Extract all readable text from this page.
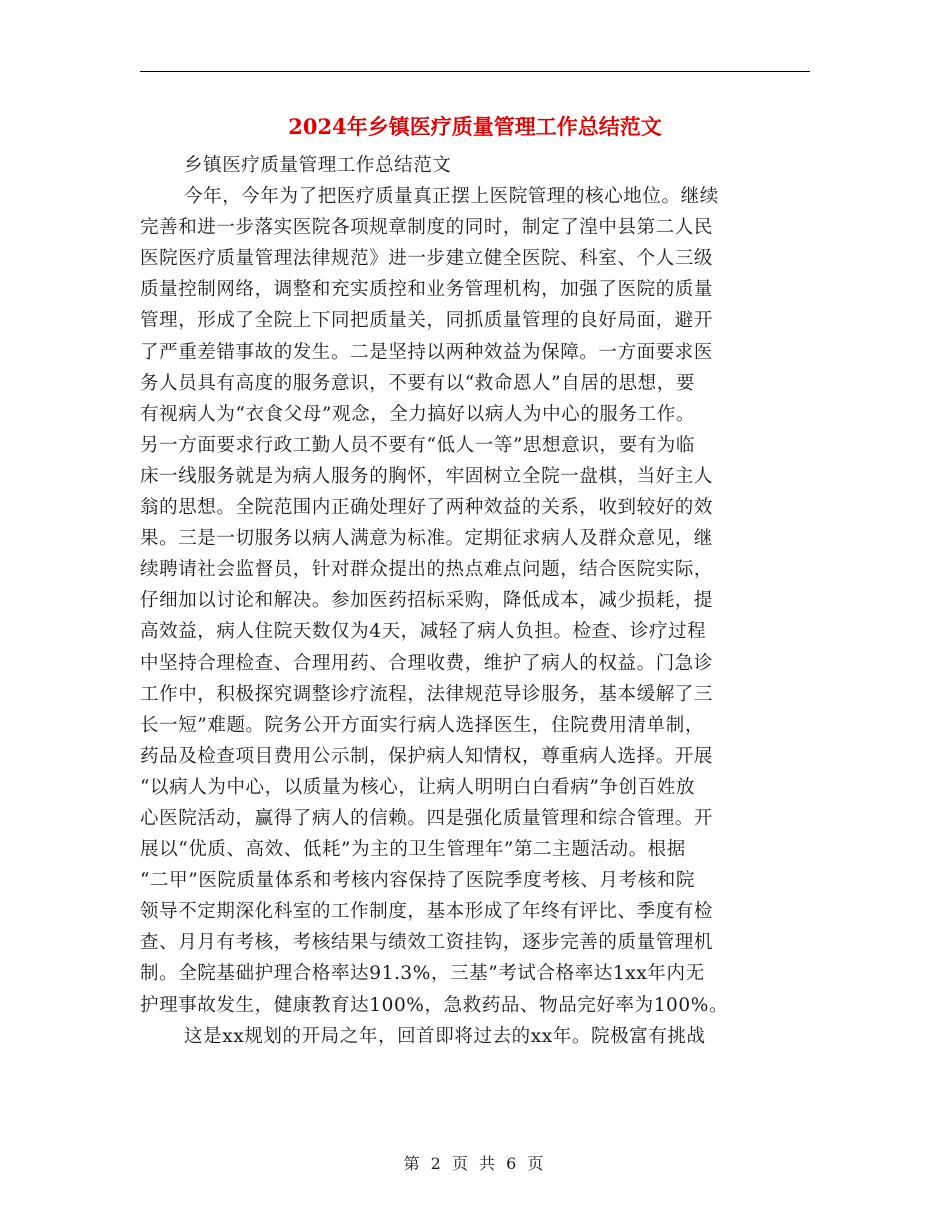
2024年乡镇医疗质量管理工作总结范文
乡镇医疗质量管理工作总结范文
今年，今年为了把医疗质量真正摆上医院管理的核心地位。继续
完善和进一步落实医院各项规章制度的同时，制定了湟中县第二人民
医院医疗质量管理法律规范》进一步建立健全医院、科室、个人三级
质量控制网络，调整和充实质控和业务管理机构，加强了医院的质量
管理，形成了全院上下同把质量关，同抓质量管理的良好局面，避开
了严重差错事故的发生。二是坚持以两种效益为保障。一方面要求医
务人员具有高度的服务意识，不要有以“救命恩人”自居的思想，要
有视病人为“衣食父母”观念，全力搞好以病人为中心的服务工作。
另一方面要求行政工勤人员不要有“低人一等”思想意识，要有为临
床一线服务就是为病人服务的胸怀，牢固树立全院一盘棋，当好主人
翁的思想。全院范围内正确处理好了两种效益的关系，收到较好的效
果。三是一切服务以病人满意为标准。定期征求病人及群众意见，继
续聘请社会监督员，针对群众提出的热点难点问题，结合医院实际，
仔细加以讨论和解决。参加医药招标采购，降低成本，减少损耗，提
高效益，病人住院天数仅为4天，减轻了病人负担。检查、诊疗过程
中坚持合理检查、合理用药、合理收费，维护了病人的权益。门急诊
工作中，积极探究调整诊疗流程，法律规范导诊服务，基本缓解了三
长一短”难题。院务公开方面实行病人选择医生，住院费用清单制，
药品及检查项目费用公示制，保护病人知情权，尊重病人选择。开展
“以病人为中心，以质量为核心，让病人明明白白看病”争创百姓放
心医院活动，赢得了病人的信赖。四是强化质量管理和综合管理。开
展以“优质、高效、低耗”为主的卫生管理年”第二主题活动。根据
“二甲”医院质量体系和考核内容保持了医院季度考核、月考核和院
领导不定期深化科室的工作制度，基本形成了年终有评比、季度有检
查、月月有考核，考核结果与绩效工资挂钩，逐步完善的质量管理机
制。全院基础护理合格率达91.3%，三基”考试合格率达1xx年内无
护理事故发生，健康教育达100%，急救药品、物品完好率为100%。
这是xx规划的开局之年，回首即将过去的xx年。院极富有挑战
第 2 页 共 6 页
